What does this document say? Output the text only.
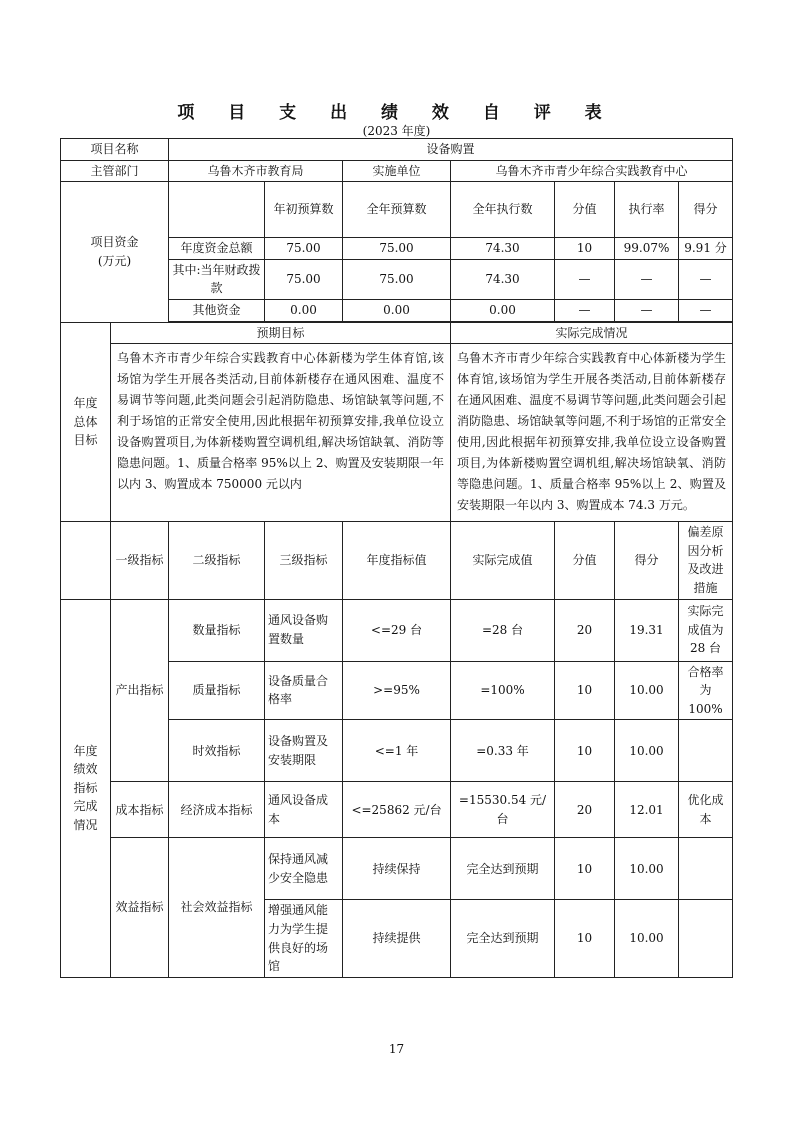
项 目 支 出 绩 效 自 评 表
(2023 年度)
项目名称		设备购置						
主管部门		乌鲁木齐市教育局		实施单位	乌鲁木齐市青少年综合实践教育中心			
项目资金
(万元)			年初预算数	全年预算数	全年执行数	分值	执行率	得分
		年度资金总额	75.00	75.00	74.30	10	99.07%	9.91 分
		其中:当年财政拨款	75.00	75.00	74.30	—	—	—
		其他资金	0.00	0.00	0.00	—	—	—

年度
总体
目标	预期目标				实际完成情况			
	乌鲁木齐市青少年综合实践教育中心体新楼为学生体育馆,该场馆为学生开展各类活动,目前体新楼存在通风困难、温度不易调节等问题,此类问题会引起消防隐患、场馆缺氧等问题,不利于场馆的正常安全使用,因此根据年初预算安排,我单位设立设备购置项目,为体新楼购置空调机组,解决场馆缺氧、消防等隐患问题。1、质量合格率 95%以上 2、购置及安装期限一年以内 3、购置成本 750000 元以内				乌鲁木齐市青少年综合实践教育中心体新楼为学生体育馆,该场馆为学生开展各类活动,目前体新楼存在通风困难、温度不易调节等问题,此类问题会引起消防隐患、场馆缺氧等问题,不利于场馆的正常安全使用,因此根据年初预算安排,我单位设立设备购置项目,为体新楼购置空调机组,解决场馆缺氧、消防等隐患问题。1、质量合格率 95%以上 2、购置及安装期限一年以内 3、购置成本 74.3 万元。			
	一级指标	二级指标	三级指标	年度指标值	实际完成值	分值	得分	偏差原因分析及改进措施
年度
绩效
指标
完成
情况	产出指标	数量指标	通风设备购置数量	<=29 台	=28 台	20	19.31	实际完成值为 28 台
		质量指标	设备质量合格率	>=95%	=100%	10	10.00	合格率为 100%
		时效指标	设备购置及安装期限	<=1 年	=0.33 年	10	10.00	
	成本指标	经济成本指标	通风设备成本	<=25862 元/台	=15530.54 元/台	20	12.01	优化成本
	效益指标	社会效益指标	保持通风减少安全隐患	持续保持	完全达到预期	10	10.00	
			增强通风能力为学生提供良好的场馆	持续提供	完全达到预期	10	10.00	
17
